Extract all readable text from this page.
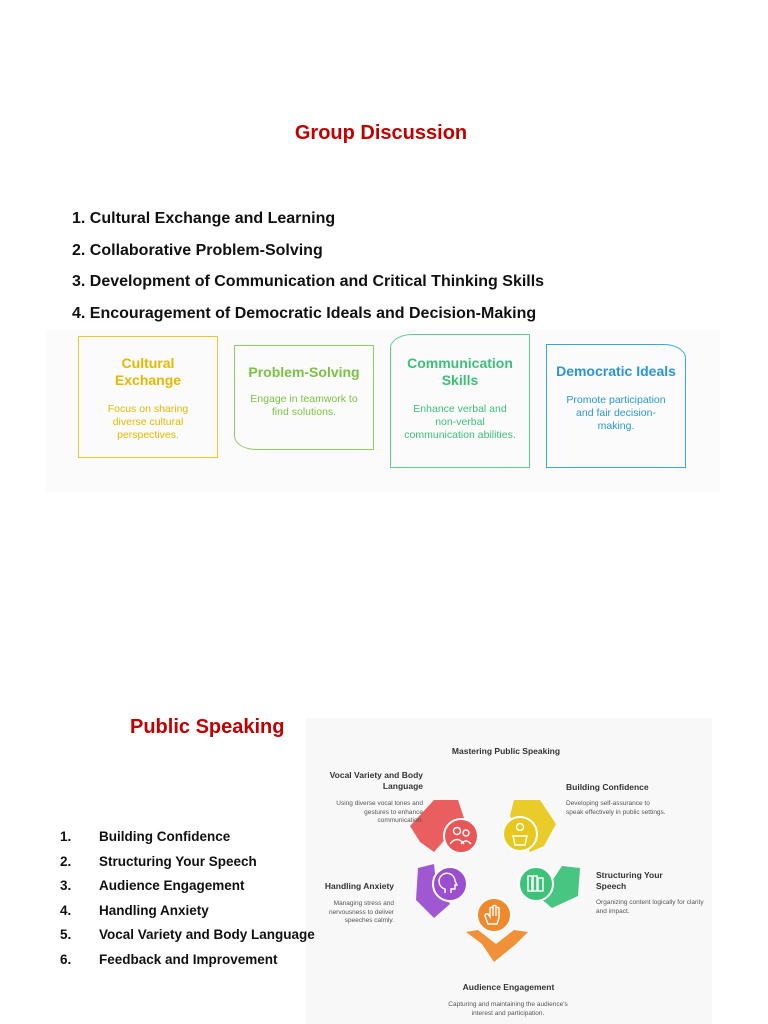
Group Discussion
1. Cultural Exchange and Learning
2. Collaborative Problem-Solving
3. Development of Communication and Critical Thinking Skills
4. Encouragement of Democratic Ideals and Decision-Making
Cultural Exchange
Focus on sharing diverse cultural perspectives.
Problem-Solving
Engage in teamwork to find solutions.
Communication Skills
Enhance verbal and non-verbal communication abilities.
Democratic Ideals
Promote participation and fair decision-making.
Public Speaking
1. Building Confidence
2. Structuring Your Speech
3. Audience Engagement
4. Handling Anxiety
5. Vocal Variety and Body Language
6. Feedback and Improvement
Mastering Public Speaking
Vocal Variety and Body Language
Using diverse vocal tones and gestures to enhance communication.
Building Confidence
Developing self-assurance to speak effectively in public settings.
Structuring Your Speech
Organizing content logically for clarity and impact.
Handling Anxiety
Managing stress and nervousness to deliver speeches calmly.
Audience Engagement
Capturing and maintaining the audience's interest and participation.
